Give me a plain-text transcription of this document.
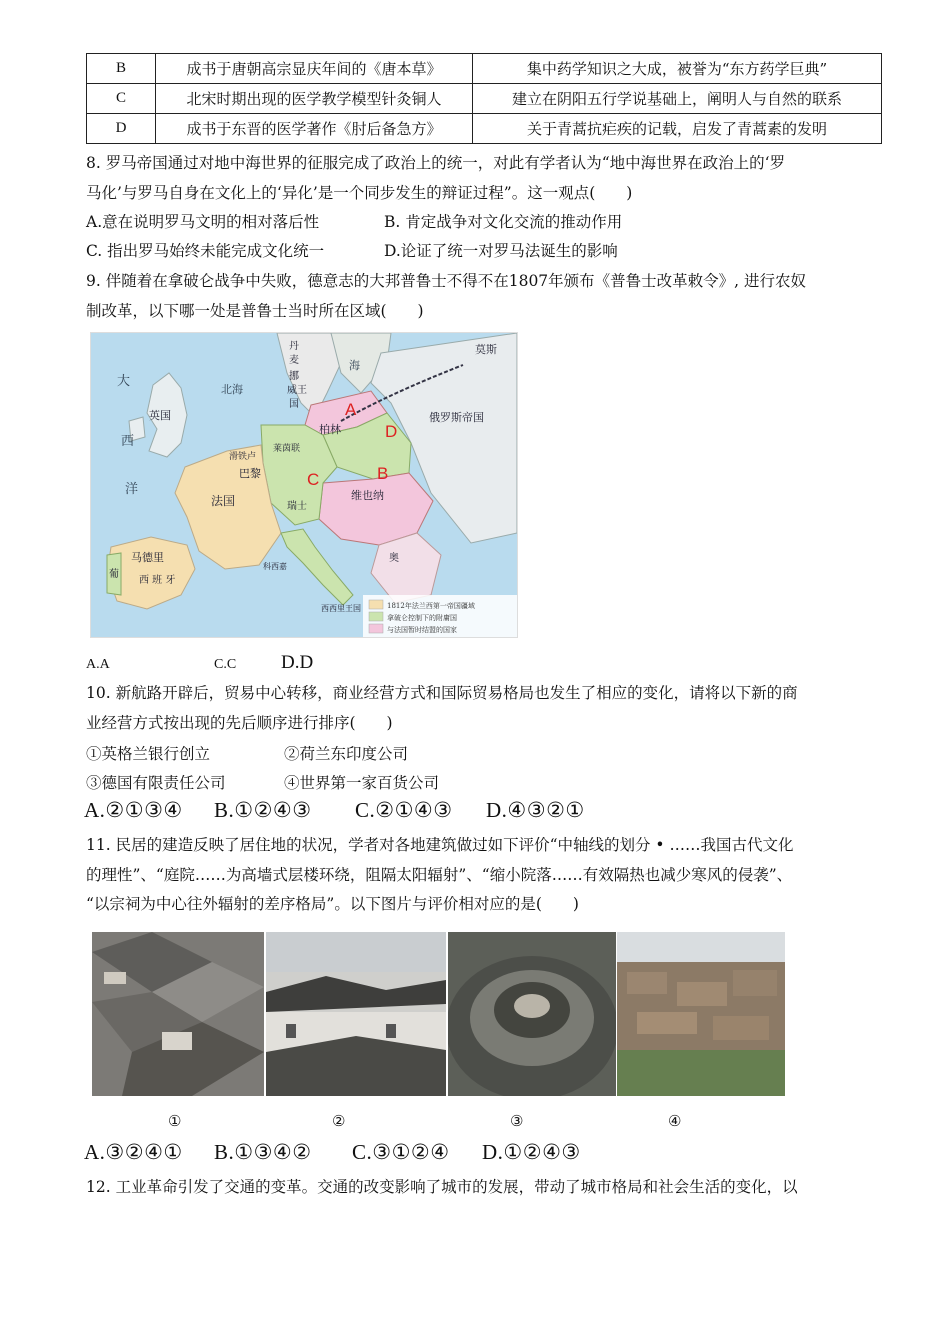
B	成书于唐朝高宗显庆年间的《唐本草》	集中药学知识之大成，被誉为“东方药学巨典”
C	北宋时期出现的医学教学模型针灸铜人	建立在阴阳五行学说基础上，阐明人与自然的联系
D	成书于东晋的医学著作《肘后备急方》	关于青蒿抗疟疾的记载，启发了青蒿素的发明
8. 罗马帝国通过对地中海世界的征服完成了政治上的统一，对此有学者认为“地中海世界在政治上的‘罗
马化’与罗马自身在文化上的‘异化’是一个同步发生的辩证过程”。这一观点(　　)
A.意在说明罗马文明的相对落后性	B. 肯定战争对文化交流的推动作用
C. 指出罗马始终未能完成文化统一	D.论证了统一对罗马法诞生的影响
9. 伴随着在拿破仑战争中失败，德意志的大邦普鲁士不得不在1807年颁布《普鲁士改革敕令》, 进行农奴
制改革，以下哪一处是普鲁士当时所在区域(　　)
大
西
洋
英国
北海
海
丹
麦
挪
威王
国
俄罗斯帝国
莫斯
柏林
巴黎
法国	维也纳
马德里
西 班 牙
葡
瑞士
莱茵联
奥
滑铁卢
西西里王国
科西嘉
A
B
C
D
1812年法兰西第一帝国疆域
拿破仑控制下的附庸国
与法国暂时结盟的国家
A.A	C.C D.D
10. 新航路开辟后，贸易中心转移，商业经营方式和国际贸易格局也发生了相应的变化，请将以下新的商
业经营方式按出现的先后顺序进行排序(　　)
①英格兰银行创立	②荷兰东印度公司
③德国有限责任公司	④世界第一家百货公司
A.②①③④ B.①②④③ C.②①④③ D.④③②①
11. 民居的建造反映了居住地的状况，学者对各地建筑做过如下评价“中轴线的划分 • ……我国古代文化
的理性”、“庭院……为高墙式层楼环绕，阻隔太阳辐射”、“缩小院落……有效隔热也减少寒风的侵袭”、
“以宗祠为中心往外辐射的差序格局”。以下图片与评价相对应的是(　　)
①	②	③	④
A.③②④① B.①③④② C.③①②④ D.①②④③
12. 工业革命引发了交通的变革。交通的改变影响了城市的发展，带动了城市格局和社会生活的变化，以
